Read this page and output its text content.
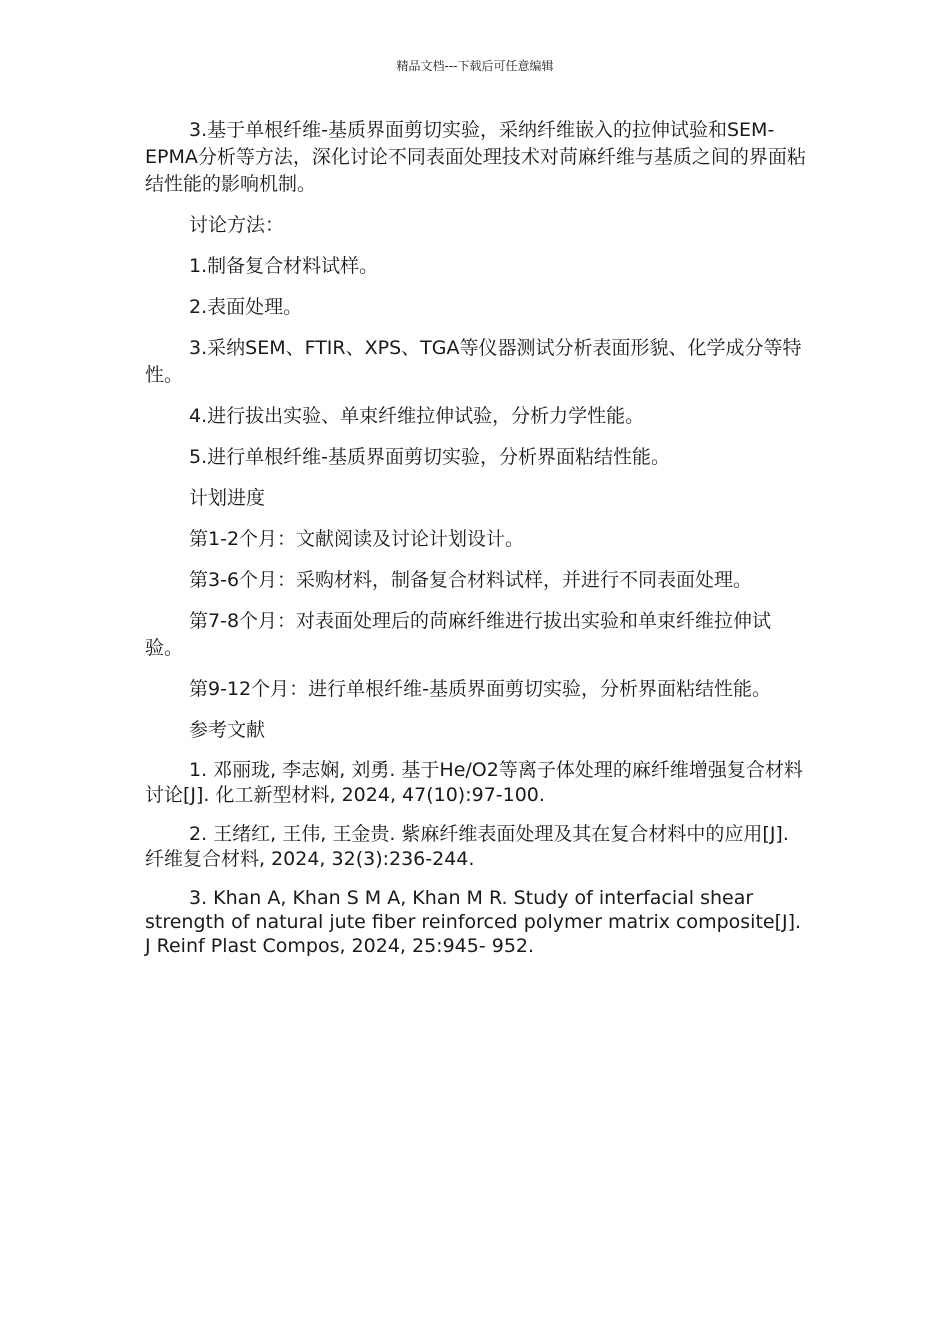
精品文档---下载后可任意编辑

3.基于单根纤维-基质界面剪切实验，采纳纤维嵌入的拉伸试验和SEM-EPMA分析等方法，深化讨论不同表面处理技术对苘麻纤维与基质之间的界面粘结性能的影响机制。

讨论方法：

1.制备复合材料试样。

2.表面处理。

3.采纳SEM、FTIR、XPS、TGA等仪器测试分析表面形貌、化学成分等特性。

4.进行拔出实验、单束纤维拉伸试验，分析力学性能。

5.进行单根纤维-基质界面剪切实验，分析界面粘结性能。

计划进度

第1-2个月：文献阅读及讨论计划设计。

第3-6个月：采购材料，制备复合材料试样，并进行不同表面处理。

第7-8个月：对表面处理后的苘麻纤维进行拔出实验和单束纤维拉伸试验。

第9-12个月：进行单根纤维-基质界面剪切实验，分析界面粘结性能。

参考文献

1. 邓丽珑, 李志娴, 刘勇. 基于He/O2等离子体处理的麻纤维增强复合材料讨论[J]. 化工新型材料, 2024, 47(10):97-100.

2. 王绪红, 王伟, 王金贵. 紫麻纤维表面处理及其在复合材料中的应用[J]. 纤维复合材料, 2024, 32(3):236-244.

3. Khan A, Khan S M A, Khan M R. Study of interfacial shear strength of natural jute fiber reinforced polymer matrix composite[J]. J Reinf Plast Compos, 2024, 25:945- 952.
